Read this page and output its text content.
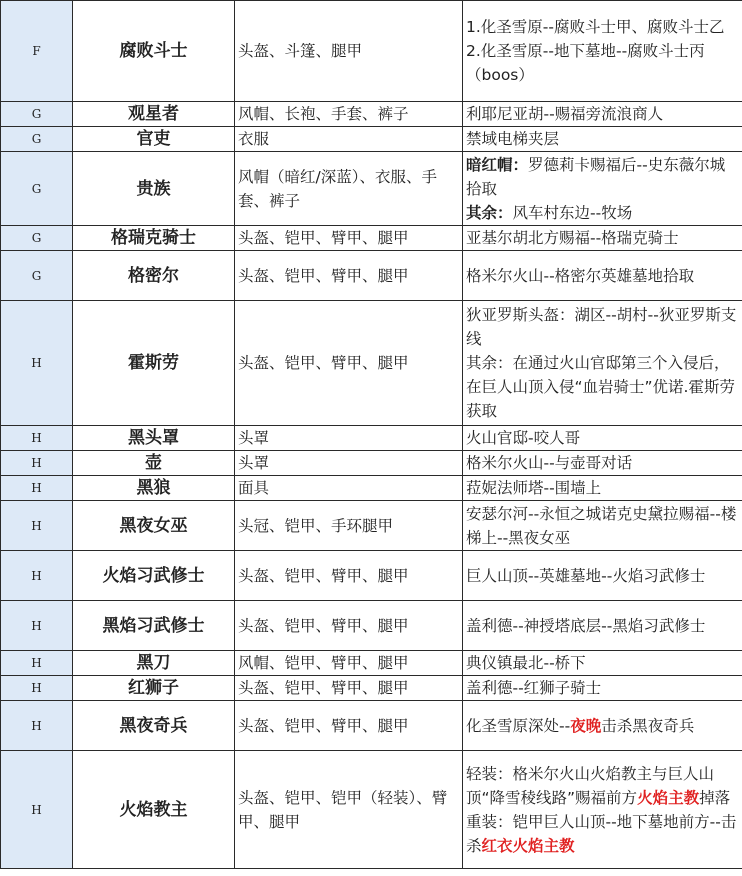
F	腐败斗士	头盔、斗篷、腿甲	1.化圣雪原--腐败斗士甲、腐败斗士乙
2.化圣雪原--地下墓地--腐败斗士丙（boos）

G	观星者	风帽、长袍、手套、裤子	利耶尼亚胡--赐福旁流浪商人

G	官吏	衣服	禁域电梯夹层

G	贵族	风帽（暗红/深蓝）、衣服、手套、裤子	暗红帽：罗德莉卡赐福后--史东薇尔城拾取
其余：风车村东边--牧场

G	格瑞克骑士	头盔、铠甲、臂甲、腿甲	亚基尔胡北方赐福--格瑞克骑士

G	格密尔	头盔、铠甲、臂甲、腿甲	格米尔火山--格密尔英雄墓地拾取

H	霍斯劳	头盔、铠甲、臂甲、腿甲	狄亚罗斯头盔：湖区--胡村--狄亚罗斯支线
其余：在通过火山官邸第三个入侵后，在巨人山顶入侵“血岩骑士”优诺.霍斯劳获取

H	黑头罩	头罩	火山官邸-咬人哥

H	壶	头罩	格米尔火山--与壶哥对话

H	黑狼	面具	菈妮法师塔--围墙上

H	黑夜女巫	头冠、铠甲、手环腿甲	安瑟尔河--永恒之城诺克史黛拉赐福--楼梯上--黑夜女巫

H	火焰习武修士	头盔、铠甲、臂甲、腿甲	巨人山顶--英雄墓地--火焰习武修士

H	黑焰习武修士	头盔、铠甲、臂甲、腿甲	盖利德--神授塔底层--黑焰习武修士

H	黑刀	风帽、铠甲、臂甲、腿甲	典仪镇最北--桥下

H	红狮子	头盔、铠甲、臂甲、腿甲	盖利德--红狮子骑士

H	黑夜奇兵	头盔、铠甲、臂甲、腿甲	化圣雪原深处--夜晚击杀黑夜奇兵

H	火焰教主	头盔、铠甲、铠甲（轻装）、臂甲、腿甲	轻装：格米尔火山火焰教主与巨人山顶“降雪稜线路”赐福前方火焰主教掉落
重装：铠甲巨人山顶--地下墓地前方--击杀红衣火焰主教
